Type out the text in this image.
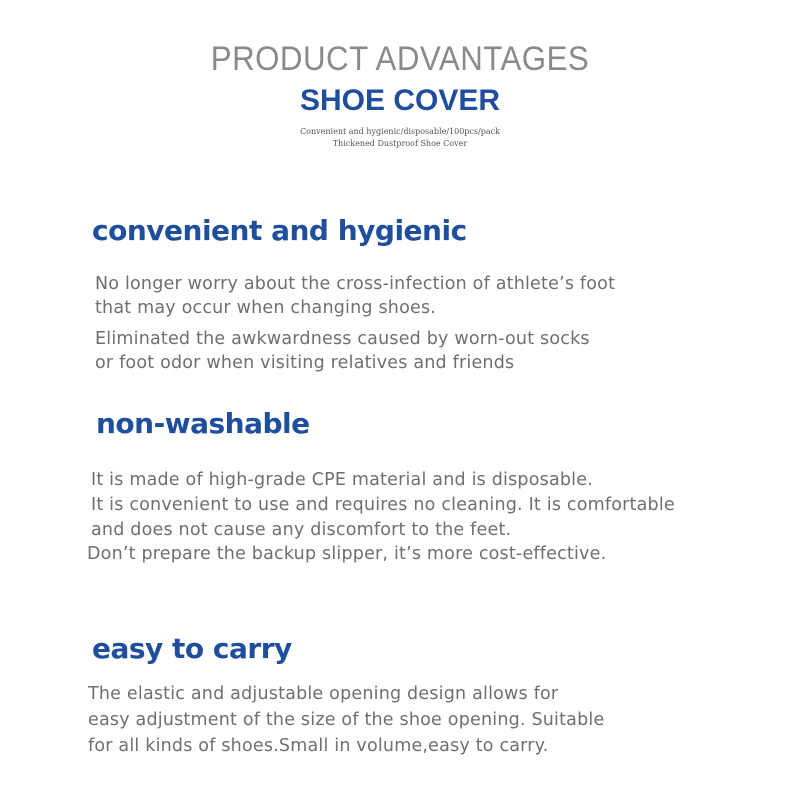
PRODUCT ADVANTAGES
SHOE COVER
Convenient and hygienic/disposable/100pcs/pack
Thickened Dustproof Shoe Cover
convenient and hygienic
No longer worry about the cross-infection of athlete’s foot
that may occur when changing shoes.
Eliminated the awkwardness caused by worn-out socks
or foot odor when visiting relatives and friends
non-washable
It is made of high-grade CPE material and is disposable.
It is convenient to use and requires no cleaning. It is comfortable
and does not cause any discomfort to the feet.
Don’t prepare the backup slipper, it’s more cost-effective.
easy to carry
The elastic and adjustable opening design allows for
easy adjustment of the size of the shoe opening. Suitable
for all kinds of shoes.Small in volume,easy to carry.
